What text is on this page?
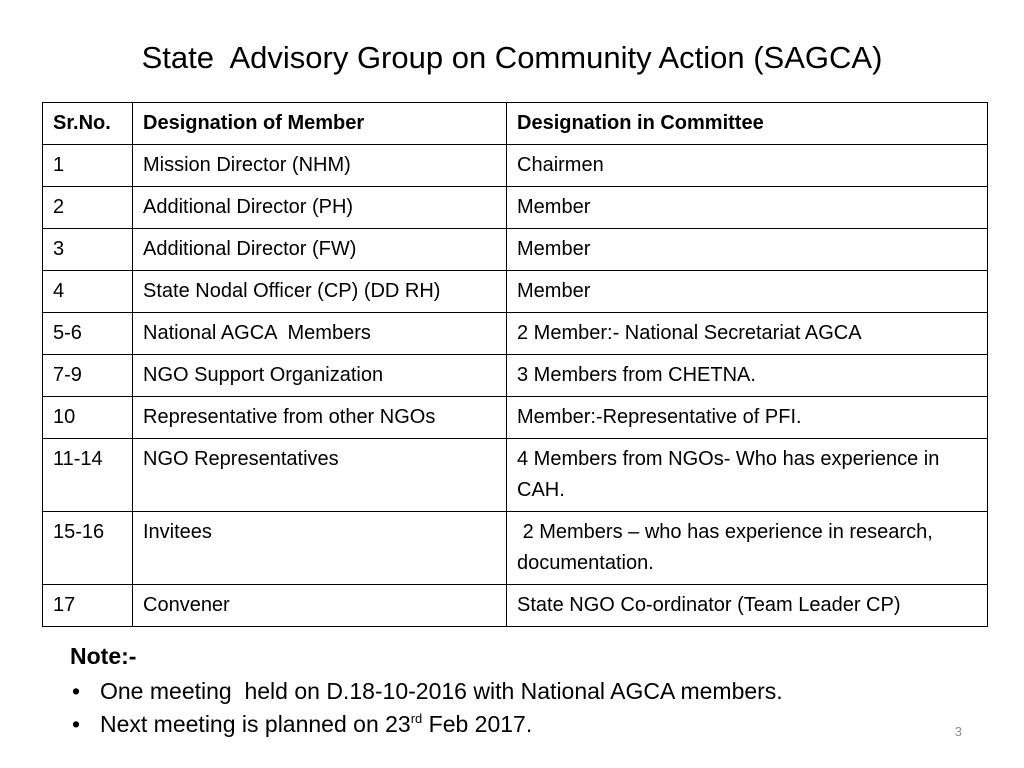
State  Advisory Group on Community Action (SAGCA)
Sr.No.	Designation of Member	Designation in Committee
1	Mission Director (NHM)	Chairmen
2	Additional Director (PH)	Member
3	Additional Director (FW)	Member
4	State Nodal Officer (CP) (DD RH)	Member
5-6	National AGCA  Members	2 Member:- National Secretariat AGCA
7-9	NGO Support Organization	3 Members from CHETNA.
10	Representative from other NGOs	Member:-Representative of PFI.
11-14	NGO Representatives	4 Members from NGOs- Who has experience in CAH.
15-16	Invitees	2 Members – who has experience in research, documentation.
17	Convener	State NGO Co-ordinator (Team Leader CP)
Note:-
• One meeting  held on D.18-10-2016 with National AGCA members.
• Next meeting is planned on 23rd Feb 2017.	3
